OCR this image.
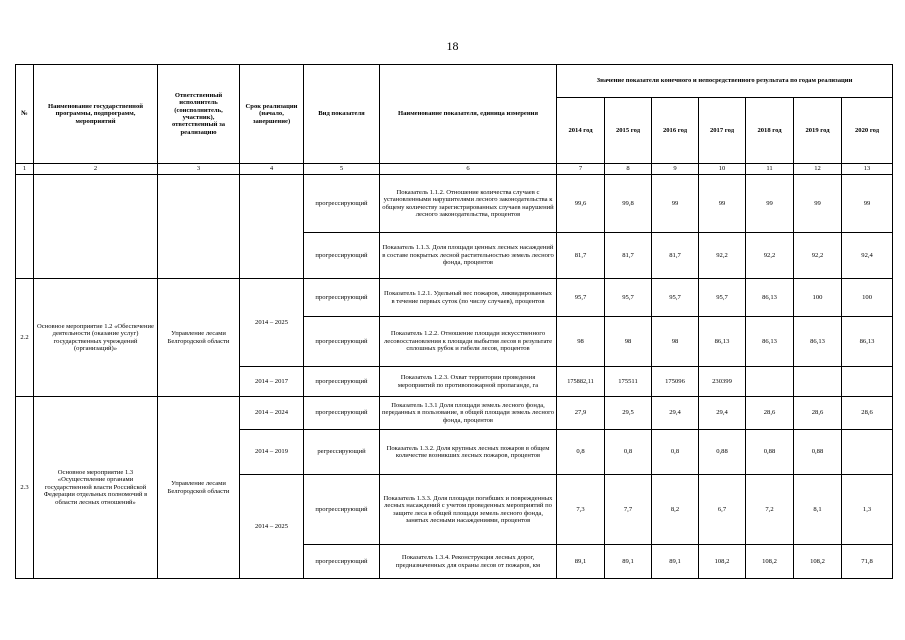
18
№	Наименование государственной программы, подпрограмм, мероприятий	Ответственный исполнитель (соисполнитель, участник), ответственный за реализацию	Срок реализации (начало, завершение)	Вид показателя	Наименование показателя, единица измерения	Значение показателя конечного и непосредственного результата по годам реализации						
						2014 год	2015 год	2016 год	2017 год	2018 год	2019 год	2020 год
1	2	3	4	5	6	7	8	9	10	11	12	13
				прогрессирующий	Показатель 1.1.2. Отношение количества случаев с установленными нарушителями лесного законодательства к общему количеству зарегистрированных случаев нарушений лесного законодательства, процентов	99,6	99,8	99	99	99	99	99
				прогрессирующий	Показатель 1.1.3. Доля площади ценных лесных насаждений в составе покрытых лесной растительностью земель лесного фонда, процентов	81,7	81,7	81,7	92,2	92,2	92,2	92,4
2.2	Основное мероприятие 1.2 «Обеспечение деятельности (оказание услуг) государственных учреждений (организаций)»	Управление лесами Белгородской области	2014 – 2025	прогрессирующий	Показатель 1.2.1. Удельный вес пожаров, ликвидированных в течение первых суток (по числу случаев), процентов	95,7	95,7	95,7	95,7	86,13	100	100
				прогрессирующий	Показатель 1.2.2. Отношение площади искусственного лесовосстановления к площади выбытия лесов в результате сплошных рубок и гибели лесов, процентов	98	98	98	86,13	86,13	86,13	86,13
			2014 – 2017	прогрессирующий	Показатель 1.2.3. Охват территории проведения мероприятий по противопожарной пропаганде, га	175882,11	175511	175096	230399			
2.3	Основное мероприятие 1.3 «Осуществление органами государственной власти Российской Федерации отдельных полномочий в области лесных отношений»	Управление лесами Белгородской области	2014 – 2024	прогрессирующий	Показатель 1.3.1 Доля площади земель лесного фонда, переданных в пользование, в общей площади земель лесного фонда, процентов	27,9	29,5	29,4	29,4	28,6	28,6	28,6
			2014 – 2019	регрессирующий	Показатель 1.3.2. Доля крупных лесных пожаров в общем количестве возникших лесных пожаров, процентов	0,8	0,8	0,8	0,88	0,88	0,88	
			2014 – 2025	прогрессирующий	Показатель 1.3.3. Доля площади погибших и поврежденных лесных насаждений с учетом проведенных мероприятий по защите леса в общей площади земель лесного фонда, занятых лесными насаждениями, процентов	7,3	7,7	8,2	6,7	7,2	8,1	1,3
				прогрессирующий	Показатель 1.3.4. Реконструкция лесных дорог, предназначенных для охраны лесов от пожаров, км	89,1	89,1	89,1	108,2	108,2	108,2	71,8
